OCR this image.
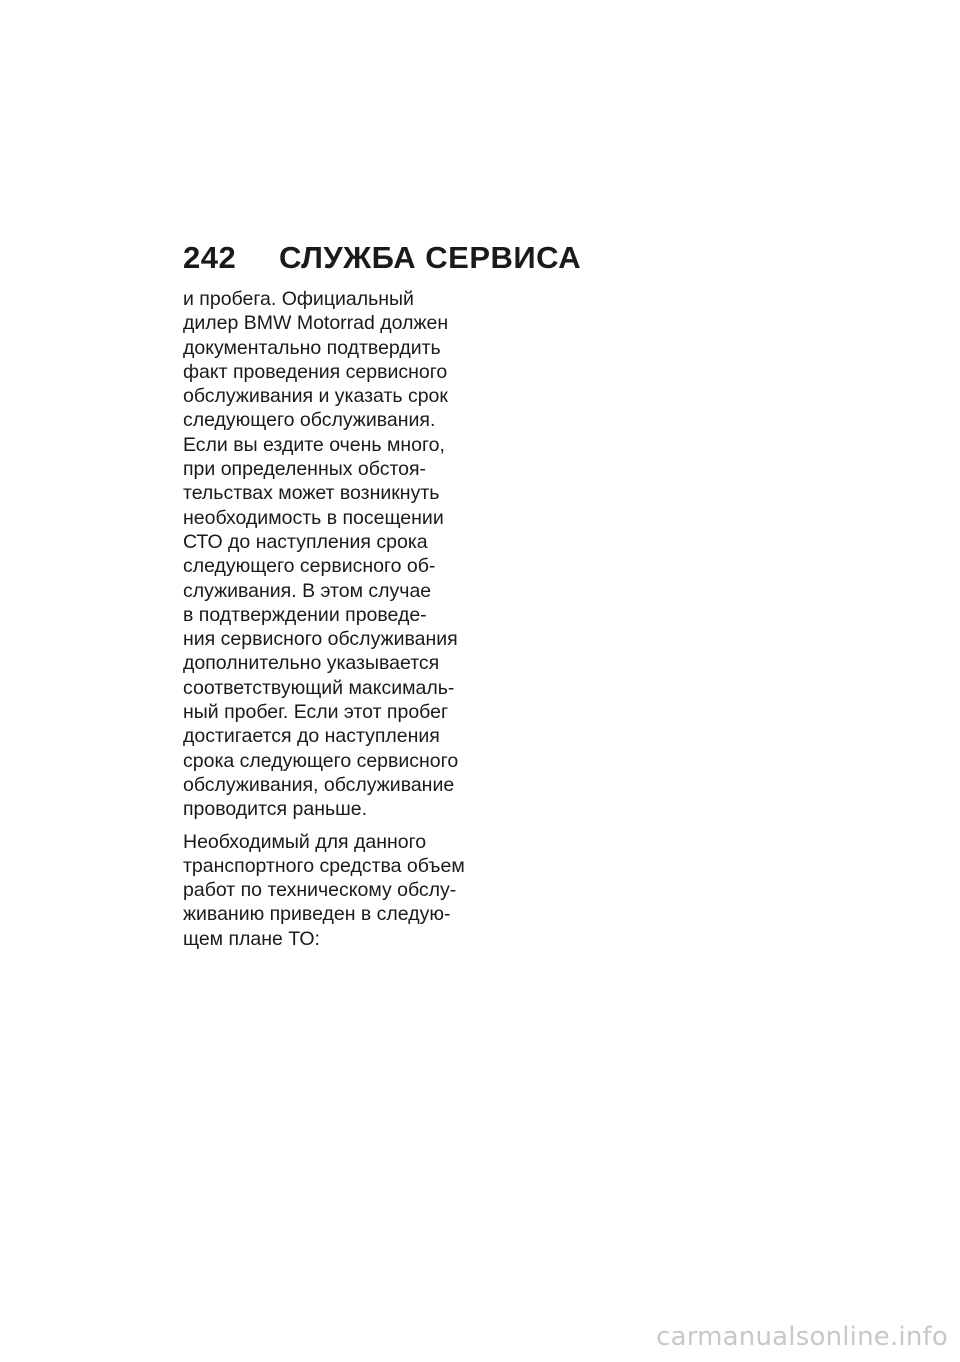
242	СЛУЖБА СЕРВИСА
и пробега. Официальный
дилер BMW Motorrad должен
документально подтвердить
факт проведения сервисного
обслуживания и указать срок
следующего обслуживания.
Если вы ездите очень много,
при определенных обстоя-
тельствах может возникнуть
необходимость в посещении
СТО до наступления срока
следующего сервисного об-
служивания. В этом случае
в подтверждении проведе-
ния сервисного обслуживания
дополнительно указывается
соответствующий максималь-
ный пробег. Если этот пробег
достигается до наступления
срока следующего сервисного
обслуживания, обслуживание
проводится раньше.
Необходимый для данного
транспортного средства объем
работ по техническому обслу-
живанию приведен в следую-
щем плане ТО:
carmanualsonline.info
